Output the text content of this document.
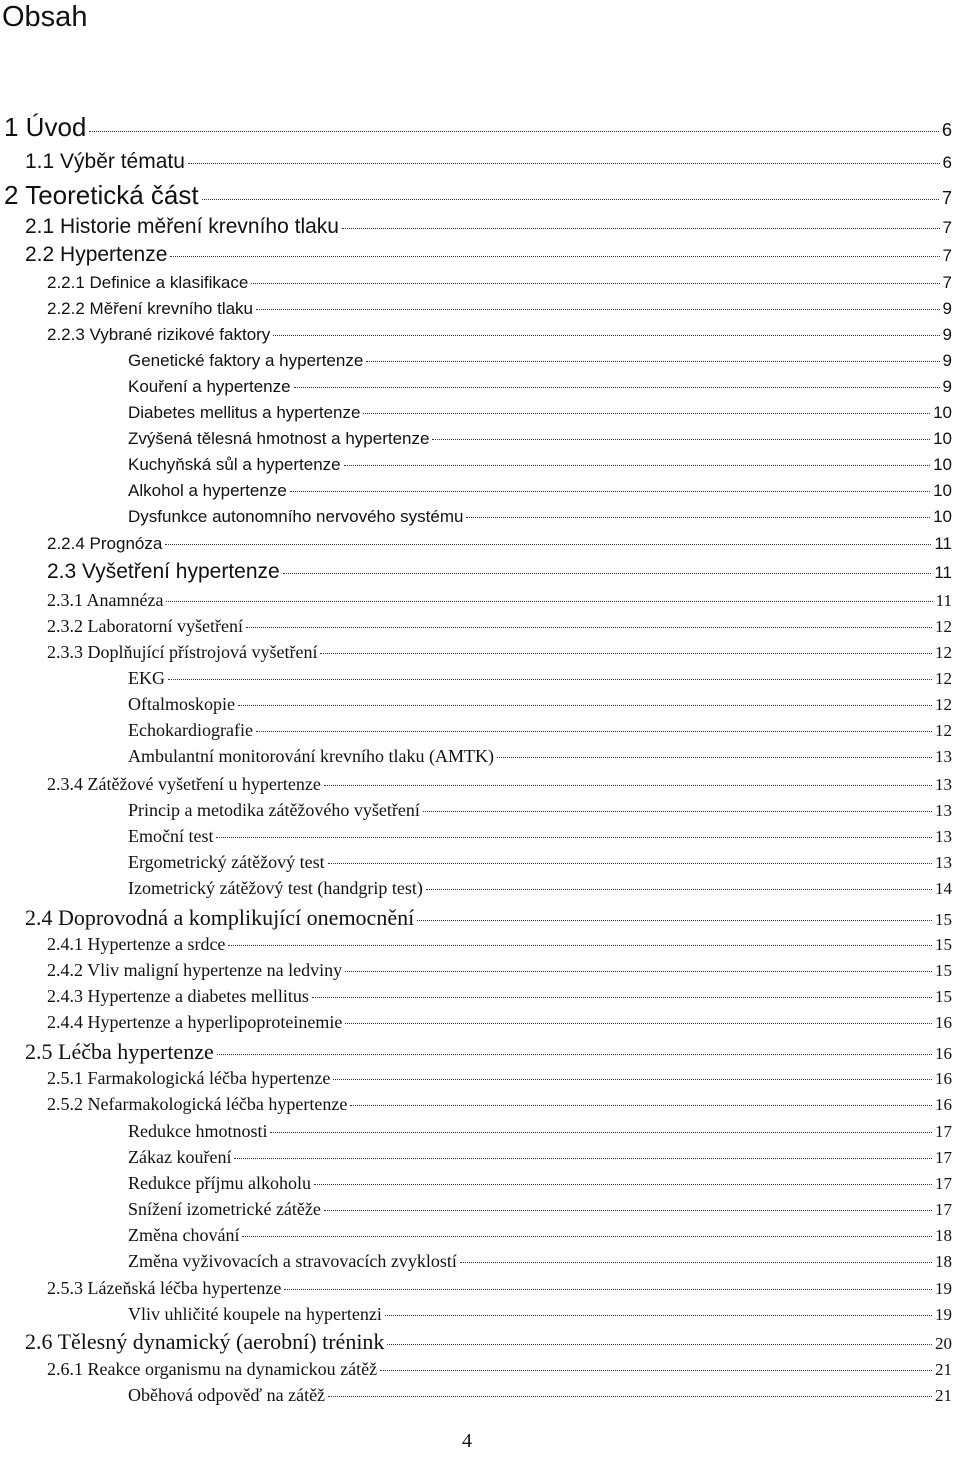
Obsah
1 Úvod	6
1.1 Výběr tématu	6
2 Teoretická část	7
2.1 Historie měření krevního tlaku	7
2.2 Hypertenze	7
2.2.1 Definice a klasifikace	7
2.2.2 Měření krevního tlaku	9
2.2.3 Vybrané rizikové faktory	9
Genetické faktory a hypertenze	9
Kouření a hypertenze	9
Diabetes mellitus a hypertenze	10
Zvýšená tělesná hmotnost a hypertenze	10
Kuchyňská sůl a hypertenze	10
Alkohol a hypertenze	10
Dysfunkce autonomního nervového systému	10
2.2.4 Prognóza	11
2.3 Vyšetření hypertenze	11
2.3.1 Anamnéza	11
2.3.2 Laboratorní vyšetření	12
2.3.3 Doplňující přístrojová vyšetření	12
EKG	12
Oftalmoskopie	12
Echokardiografie	12
Ambulantní monitorování krevního tlaku (AMTK)	13
2.3.4 Zátěžové vyšetření u hypertenze	13
Princip a metodika zátěžového vyšetření	13
Emoční test	13
Ergometrický zátěžový test	13
Izometrický zátěžový test (handgrip test)	14
2.4 Doprovodná a komplikující onemocnění	15
2.4.1 Hypertenze a srdce	15
2.4.2 Vliv maligní hypertenze na ledviny	15
2.4.3 Hypertenze a diabetes mellitus	15
2.4.4 Hypertenze a hyperlipoproteinemie	16
2.5 Léčba hypertenze	16
2.5.1 Farmakologická léčba hypertenze	16
2.5.2 Nefarmakologická léčba hypertenze	16
Redukce hmotnosti	17
Zákaz kouření	17
Redukce příjmu alkoholu	17
Snížení izometrické zátěže	17
Změna chování	18
Změna vyživovacích a stravovacích zvyklostí	18
2.5.3 Lázeňská léčba hypertenze	19
Vliv uhličité koupele na hypertenzi	19
2.6 Tělesný dynamický (aerobní) trénink	20
2.6.1 Reakce organismu na dynamickou zátěž	21
Oběhová odpověď na zátěž	21
4
